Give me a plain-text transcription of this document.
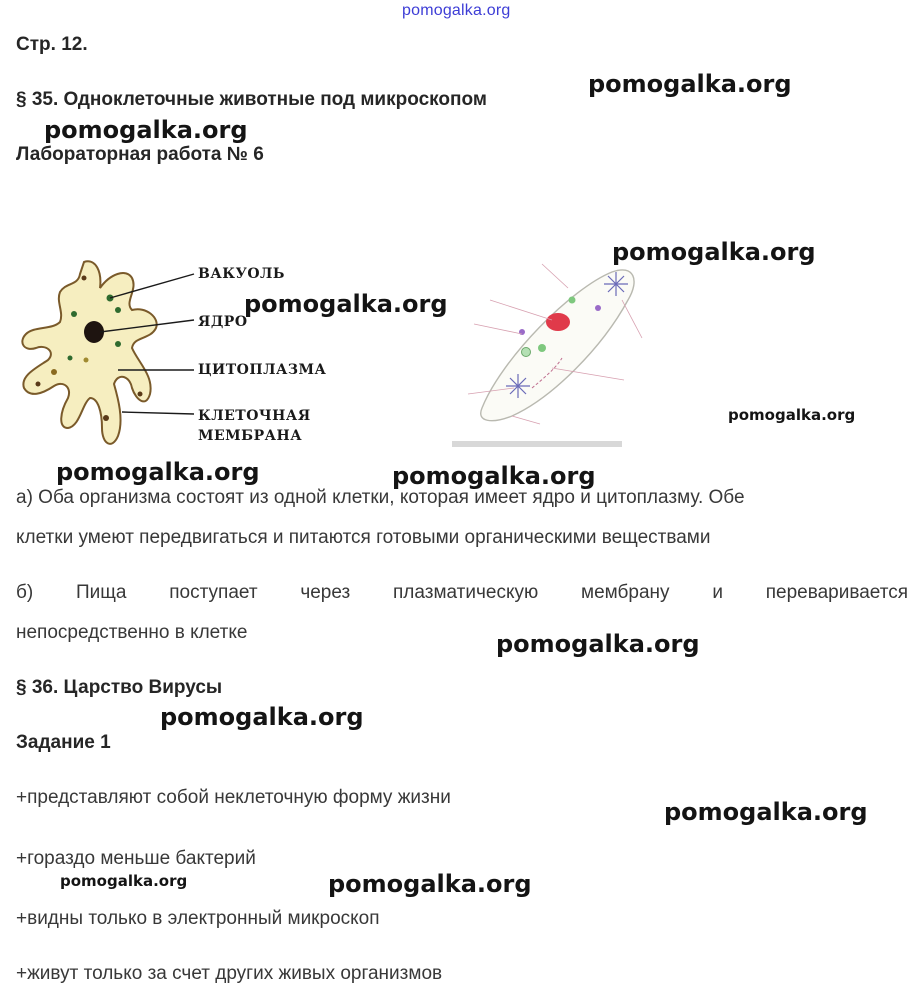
pomogalka.org
Стр. 12.
§ 35. Одноклеточные животные под микроскопом
Лабораторная работа № 6
ВАКУОЛЬ
ЯДРО
ЦИТОПЛАЗМА
КЛЕТОЧНАЯ
МЕМБРАНА
а) Оба организма состоят из одной клетки, которая имеет ядро и цитоплазму. Обе
клетки умеют передвигаться и питаются готовыми органическими веществами
б) Пища поступает через плазматическую мембрану и переваривается
непосредственно в клетке
§ 36. Царство Вирусы
Задание 1
+представляют собой неклеточную форму жизни
+гораздо меньше бактерий
+видны только в электронный микроскоп
+живут только за счет других живых организмов
pomogalka.org
pomogalka.org
pomogalka.org
pomogalka.org
pomogalka.org
pomogalka.org	pomogalka.org
pomogalka.org
pomogalka.org
pomogalka.org
pomogalka.org	pomogalka.org
